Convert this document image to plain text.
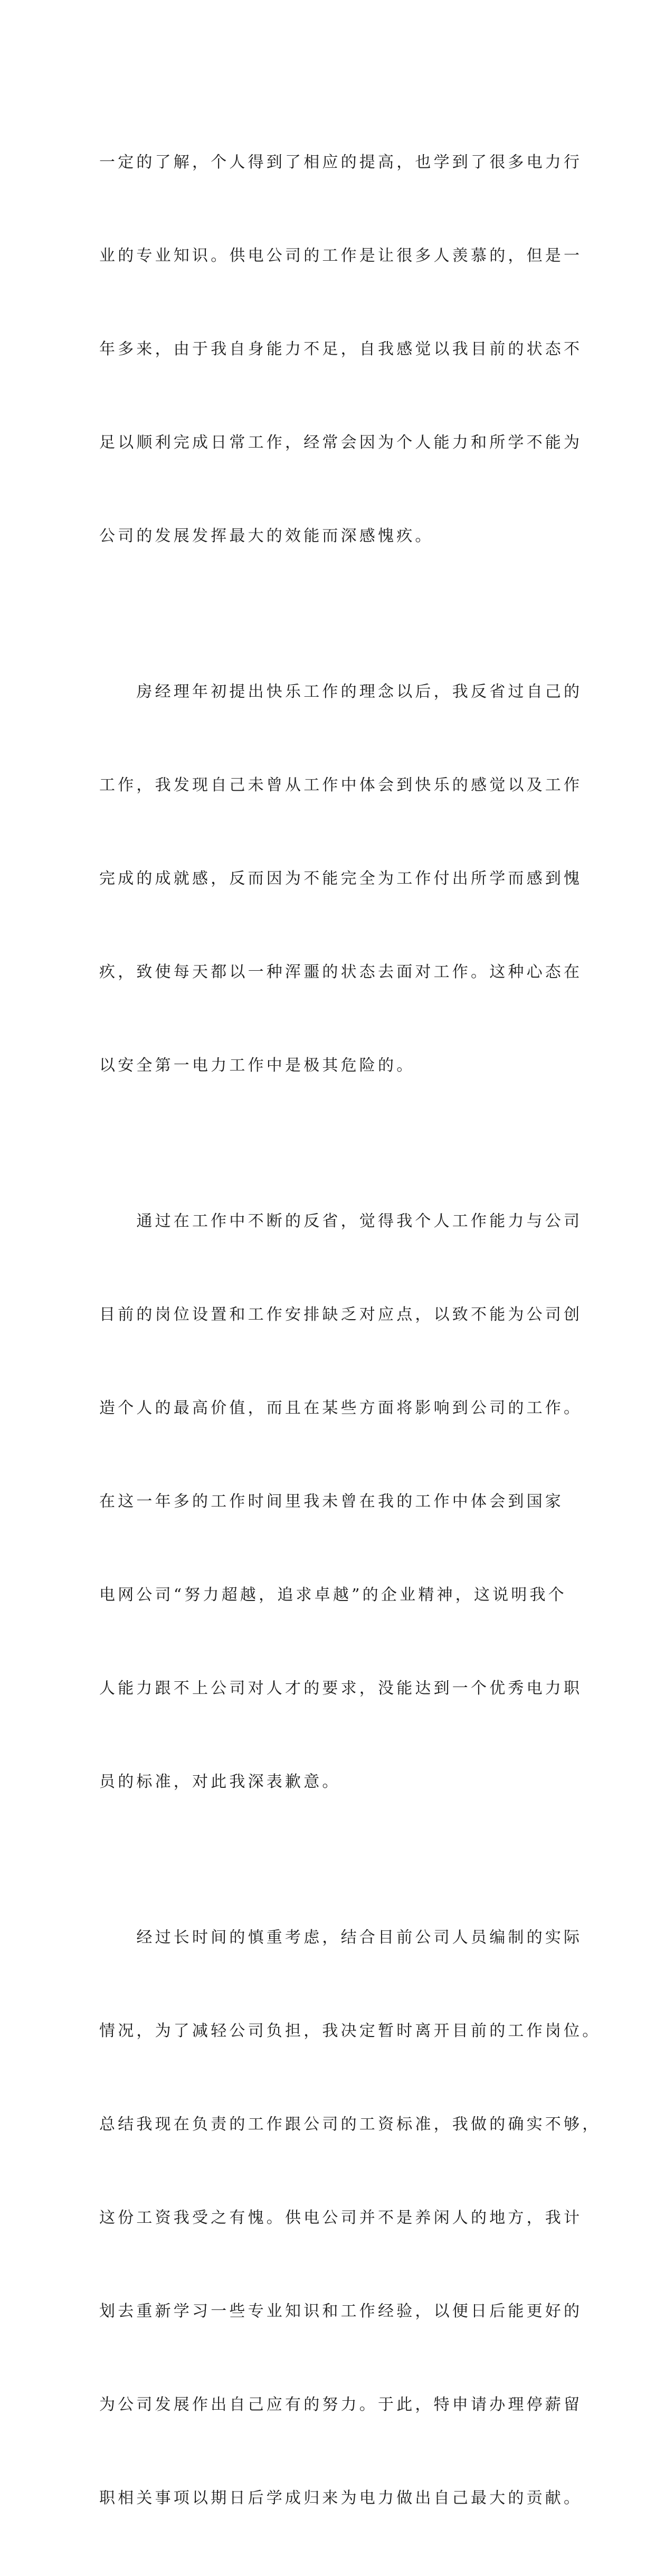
一定的了解，个人得到了相应的提高，也学到了很多电力行

业的专业知识。供电公司的工作是让很多人羡慕的，但是一

年多来，由于我自身能力不足，自我感觉以我目前的状态不

足以顺利完成日常工作，经常会因为个人能力和所学不能为

公司的发展发挥最大的效能而深感愧疚。

　　房经理年初提出快乐工作的理念以后，我反省过自己的

工作，我发现自己未曾从工作中体会到快乐的感觉以及工作

完成的成就感，反而因为不能完全为工作付出所学而感到愧

疚，致使每天都以一种浑噩的状态去面对工作。这种心态在

以安全第一电力工作中是极其危险的。

　　通过在工作中不断的反省，觉得我个人工作能力与公司

目前的岗位设置和工作安排缺乏对应点，以致不能为公司创

造个人的最高价值，而且在某些方面将影响到公司的工作。

在这一年多的工作时间里我未曾在我的工作中体会到国家

电网公司“努力超越，追求卓越”的企业精神，这说明我个

人能力跟不上公司对人才的要求，没能达到一个优秀电力职

员的标准，对此我深表歉意。

　　经过长时间的慎重考虑，结合目前公司人员编制的实际

情况，为了减轻公司负担，我决定暂时离开目前的工作岗位。

总结我现在负责的工作跟公司的工资标准，我做的确实不够，

这份工资我受之有愧。供电公司并不是养闲人的地方，我计

划去重新学习一些专业知识和工作经验，以便日后能更好的

为公司发展作出自己应有的努力。于此，特申请办理停薪留

职相关事项以期日后学成归来为电力做出自己最大的贡献。
